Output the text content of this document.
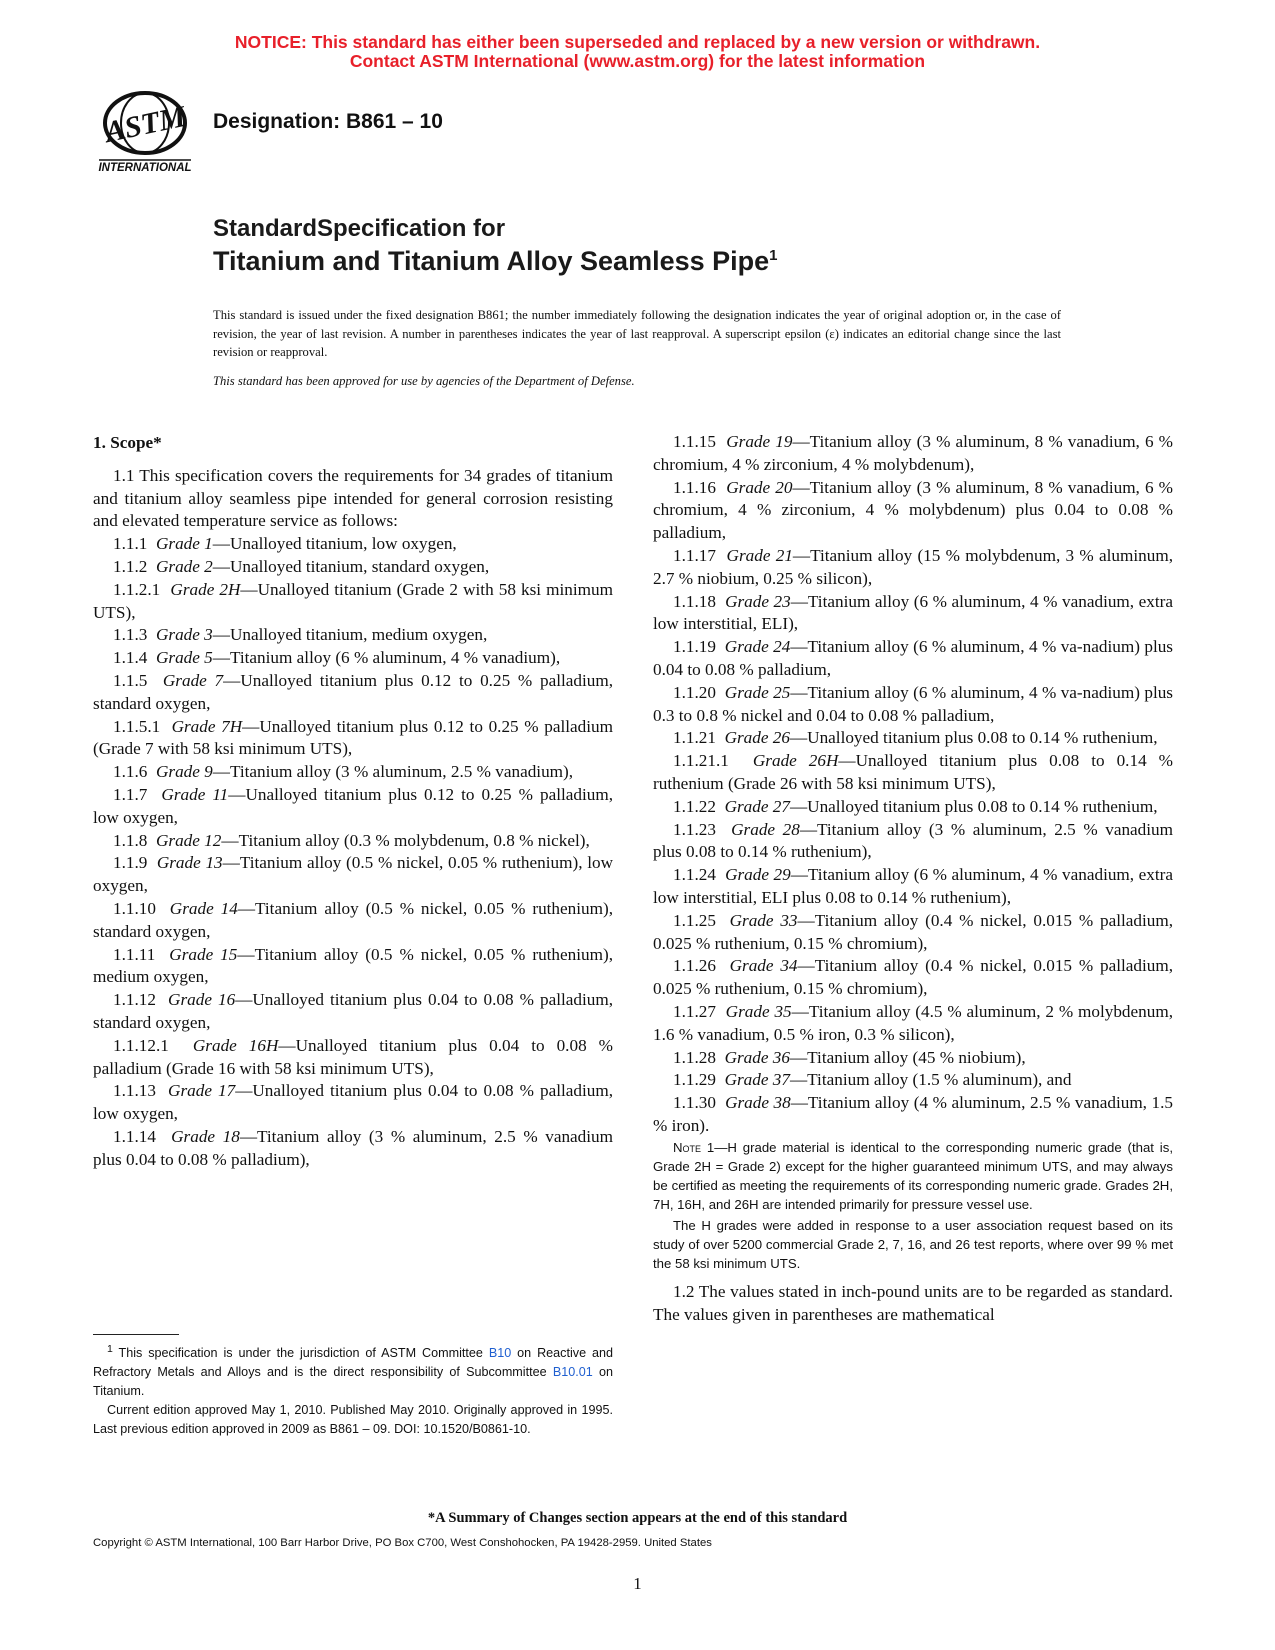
NOTICE: This standard has either been superseded and replaced by a new version or withdrawn.
Contact ASTM International (www.astm.org) for the latest information
ASTM
INTERNATIONAL
Designation: B861 – 10
StandardSpecification for
Titanium and Titanium Alloy Seamless Pipe$^1$
This standard is issued under the fixed designation B861; the number immediately following the designation indicates the year of original adoption or, in the case of revision, the year of last revision. A number in parentheses indicates the year of last reapproval. A superscript epsilon (ε) indicates an editorial change since the last revision or reapproval.
This standard has been approved for use by agencies of the Department of Defense.

1. Scope*

1.1 This specification covers the requirements for 34 grades of titanium and titanium alloy seamless pipe intended for general corrosion resisting and elevated temperature service as follows:

1.1.1 Grade 1—Unalloyed titanium, low oxygen,

1.1.2 Grade 2—Unalloyed titanium, standard oxygen,

1.1.2.1 Grade 2H—Unalloyed titanium (Grade 2 with 58 ksi minimum UTS),

1.1.3 Grade 3—Unalloyed titanium, medium oxygen,

1.1.4 Grade 5—Titanium alloy (6 % aluminum, 4 % vanadium),

1.1.5 Grade 7—Unalloyed titanium plus 0.12 to 0.25 % palladium, standard oxygen,

1.1.5.1 Grade 7H—Unalloyed titanium plus 0.12 to 0.25 % palladium (Grade 7 with 58 ksi minimum UTS),

1.1.6 Grade 9—Titanium alloy (3 % aluminum, 2.5 % vanadium),

1.1.7 Grade 11—Unalloyed titanium plus 0.12 to 0.25 % palladium, low oxygen,

1.1.8 Grade 12—Titanium alloy (0.3 % molybdenum, 0.8 % nickel),

1.1.9 Grade 13—Titanium alloy (0.5 % nickel, 0.05 % ruthenium), low oxygen,

1.1.10 Grade 14—Titanium alloy (0.5 % nickel, 0.05 % ruthenium), standard oxygen,

1.1.11 Grade 15—Titanium alloy (0.5 % nickel, 0.05 % ruthenium), medium oxygen,

1.1.12 Grade 16—Unalloyed titanium plus 0.04 to 0.08 % palladium, standard oxygen,

1.1.12.1 Grade 16H—Unalloyed titanium plus 0.04 to 0.08 % palladium (Grade 16 with 58 ksi minimum UTS),

1.1.13 Grade 17—Unalloyed titanium plus 0.04 to 0.08 % palladium, low oxygen,

1.1.14 Grade 18—Titanium alloy (3 % aluminum, 2.5 % vanadium plus 0.04 to 0.08 % palladium),

1.1.15 Grade 19—Titanium alloy (3 % aluminum, 8 % vanadium, 6 % chromium, 4 % zirconium, 4 % molybdenum),

1.1.16 Grade 20—Titanium alloy (3 % aluminum, 8 % vanadium, 6 % chromium, 4 % zirconium, 4 % molybdenum) plus 0.04 to 0.08 % palladium,

1.1.17 Grade 21—Titanium alloy (15 % molybdenum, 3 % aluminum, 2.7 % niobium, 0.25 % silicon),

1.1.18 Grade 23—Titanium alloy (6 % aluminum, 4 % vanadium, extra low interstitial, ELI),

1.1.19 Grade 24—Titanium alloy (6 % aluminum, 4 % va-nadium) plus 0.04 to 0.08 % palladium,

1.1.20 Grade 25—Titanium alloy (6 % aluminum, 4 % va-nadium) plus 0.3 to 0.8 % nickel and 0.04 to 0.08 % palladium,

1.1.21 Grade 26—Unalloyed titanium plus 0.08 to 0.14 % ruthenium,

1.1.21.1 Grade 26H—Unalloyed titanium plus 0.08 to 0.14 % ruthenium (Grade 26 with 58 ksi minimum UTS),

1.1.22 Grade 27—Unalloyed titanium plus 0.08 to 0.14 % ruthenium,

1.1.23 Grade 28—Titanium alloy (3 % aluminum, 2.5 % vanadium plus 0.08 to 0.14 % ruthenium),

1.1.24 Grade 29—Titanium alloy (6 % aluminum, 4 % vanadium, extra low interstitial, ELI plus 0.08 to 0.14 % ruthenium),

1.1.25 Grade 33—Titanium alloy (0.4 % nickel, 0.015 % palladium, 0.025 % ruthenium, 0.15 % chromium),

1.1.26 Grade 34—Titanium alloy (0.4 % nickel, 0.015 % palladium, 0.025 % ruthenium, 0.15 % chromium),

1.1.27 Grade 35—Titanium alloy (4.5 % aluminum, 2 % molybdenum, 1.6 % vanadium, 0.5 % iron, 0.3 % silicon),

1.1.28 Grade 36—Titanium alloy (45 % niobium),

1.1.29 Grade 37—Titanium alloy (1.5 % aluminum), and

1.1.30 Grade 38—Titanium alloy (4 % aluminum, 2.5 % vanadium, 1.5 % iron).

Note 1—H grade material is identical to the corresponding numeric grade (that is, Grade 2H = Grade 2) except for the higher guaranteed minimum UTS, and may always be certified as meeting the requirements of its corresponding numeric grade. Grades 2H, 7H, 16H, and 26H are intended primarily for pressure vessel use.

The H grades were added in response to a user association request based on its study of over 5200 commercial Grade 2, 7, 16, and 26 test reports, where over 99 % met the 58 ksi minimum UTS.

1.2 The values stated in inch-pound units are to be regarded as standard. The values given in parentheses are mathematical

$^1$ This specification is under the jurisdiction of ASTM Committee B10 on Reactive and Refractory Metals and Alloys and is the direct responsibility of Subcommittee B10.01 on Titanium.

Current edition approved May 1, 2010. Published May 2010. Originally approved in 1995. Last previous edition approved in 2009 as B861 – 09. DOI: 10.1520/B0861-10.

*A Summary of Changes section appears at the end of this standard
Copyright © ASTM International, 100 Barr Harbor Drive, PO Box C700, West Conshohocken, PA 19428-2959. United States
1
